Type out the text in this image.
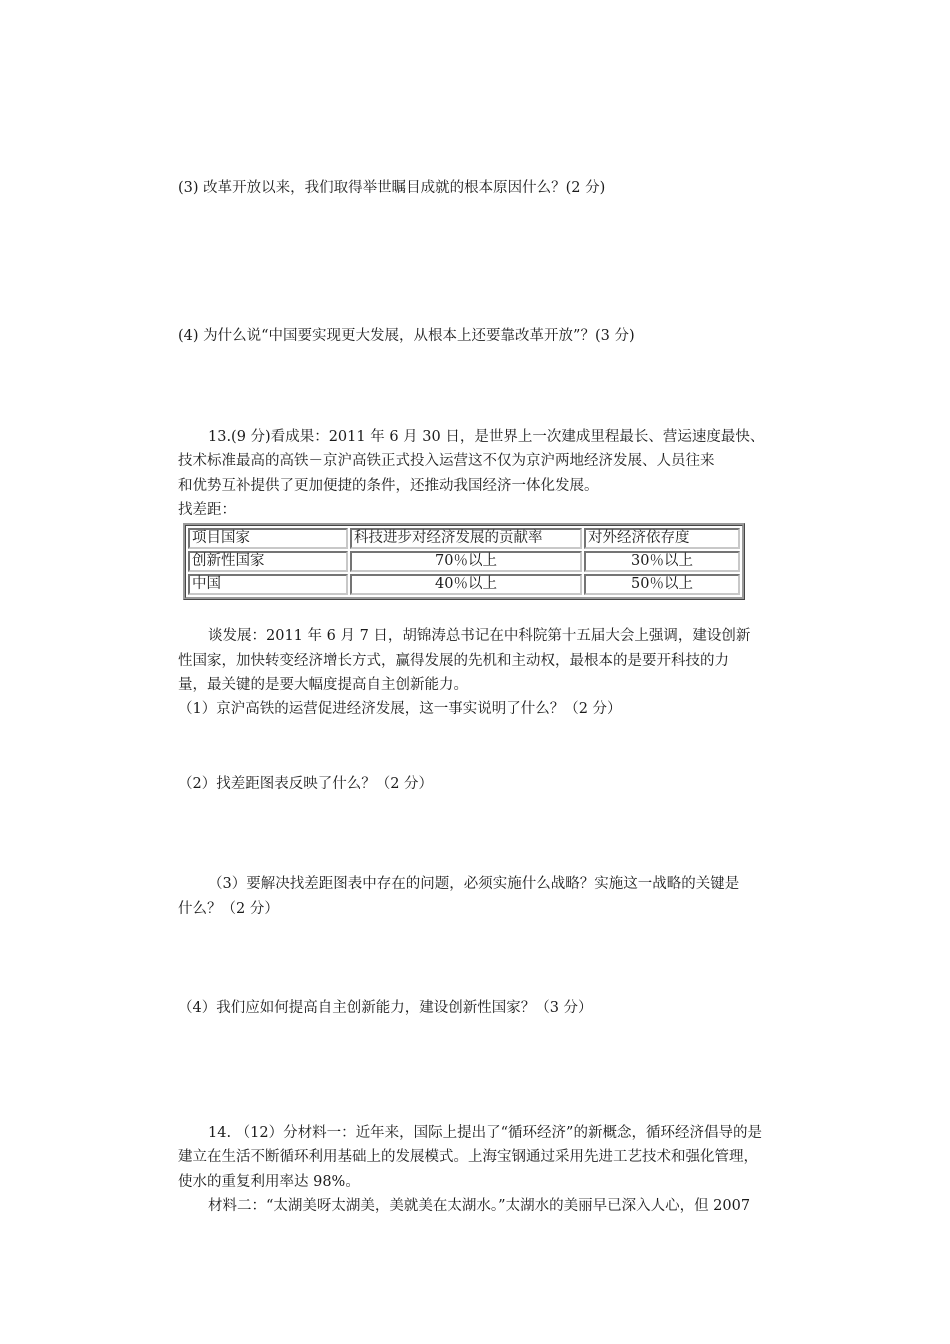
(3) 改革开放以来，我们取得举世瞩目成就的根本原因什么？(2 分)
(4) 为什么说“中国要实现更大发展，从根本上还要靠改革开放”？(3 分)
13.(9 分)看成果：2011 年 6 月 30 日，是世界上一次建成里程最长、营运速度最快、
技术标准最高的高铁－京沪高铁正式投入运营这不仅为京沪两地经济发展、人员往来
和优势互补提供了更加便捷的条件，还推动我国经济一体化发展。
找差距：
项目国家	科技进步对经济发展的贡献率	对外经济依存度
创新性国家	70％以上	30％以上
中国	40％以上	50％以上
谈发展：2011 年 6 月 7 日，胡锦涛总书记在中科院第十五届大会上强调，建设创新
性国家，加快转变经济增长方式，赢得发展的先机和主动权，最根本的是要开科技的力
量，最关键的是要大幅度提高自主创新能力。
（1）京沪高铁的运营促进经济发展，这一事实说明了什么？（2 分）
（2）找差距图表反映了什么？（2 分）
（3）要解决找差距图表中存在的问题，必须实施什么战略？实施这一战略的关键是
什么？（2 分）
（4）我们应如何提高自主创新能力，建设创新性国家？（3 分）
14. （12）分材料一：近年来，国际上提出了“循环经济”的新概念，循环经济倡导的是
建立在生活不断循环利用基础上的发展模式。上海宝钢通过采用先进工艺技术和强化管理，
使水的重复利用率达 98%。
材料二：“太湖美呀太湖美，美就美在太湖水。”太湖水的美丽早已深入人心，但 2007
